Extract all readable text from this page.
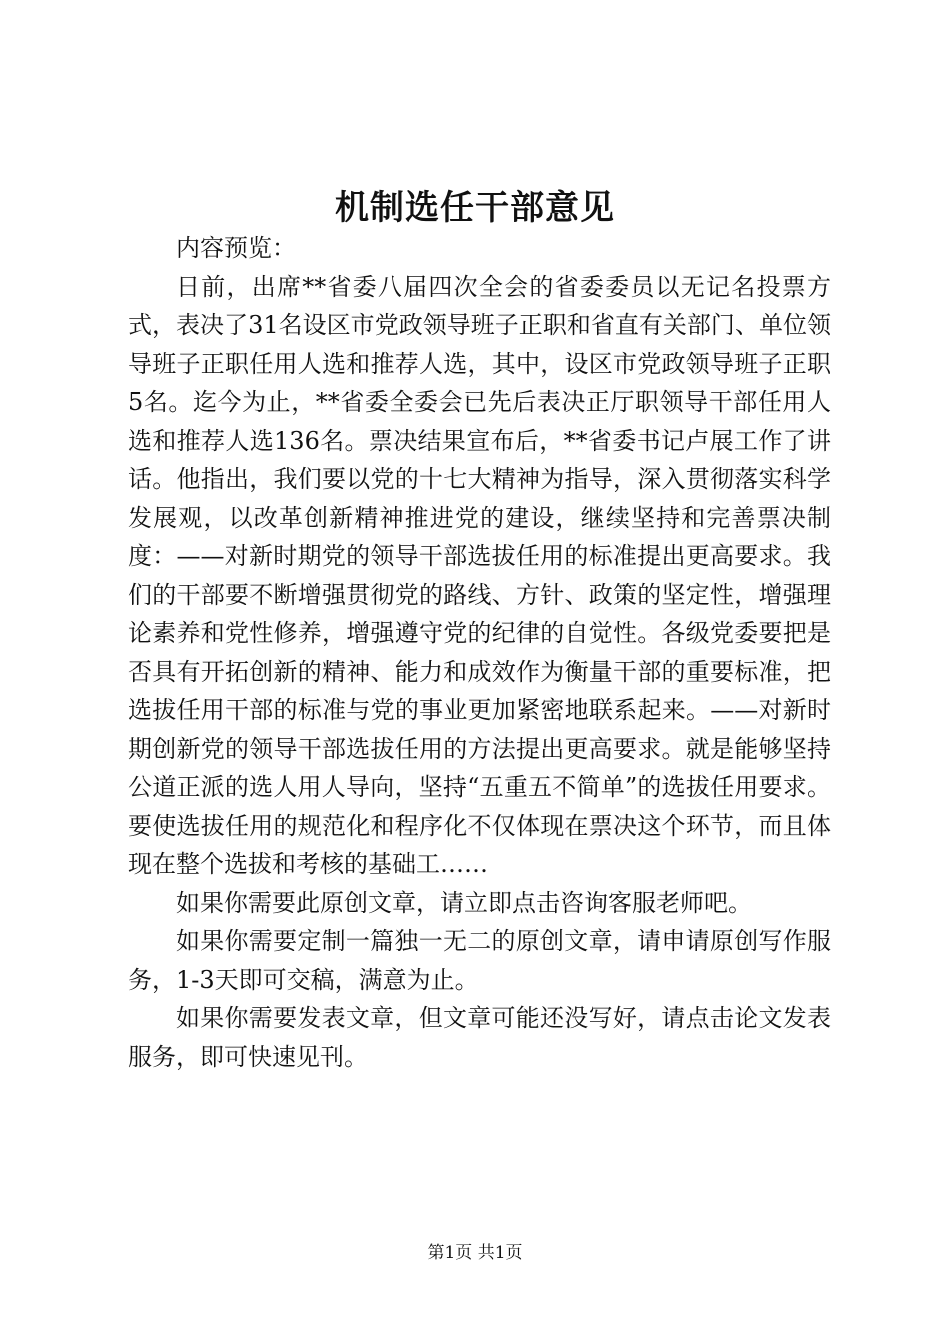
机制选任干部意见

内容预览：

日前，出席**省委八届四次全会的省委委员以无记名投票方式，表决了31名设区市党政领导班子正职和省直有关部门、单位领导班子正职任用人选和推荐人选，其中，设区市党政领导班子正职5名。迄今为止，**省委全委会已先后表决正厅职领导干部任用人选和推荐人选136名。票决结果宣布后，**省委书记卢展工作了讲话。他指出，我们要以党的十七大精神为指导，深入贯彻落实科学发展观，以改革创新精神推进党的建设，继续坚持和完善票决制度：——对新时期党的领导干部选拔任用的标准提出更高要求。我们的干部要不断增强贯彻党的路线、方针、政策的坚定性，增强理论素养和党性修养，增强遵守党的纪律的自觉性。各级党委要把是否具有开拓创新的精神、能力和成效作为衡量干部的重要标准，把选拔任用干部的标准与党的事业更加紧密地联系起来。——对新时期创新党的领导干部选拔任用的方法提出更高要求。就是能够坚持公道正派的选人用人导向，坚持“五重五不简单”的选拔任用要求。要使选拔任用的规范化和程序化不仅体现在票决这个环节，而且体现在整个选拔和考核的基础工……

如果你需要此原创文章，请立即点击咨询客服老师吧。

如果你需要定制一篇独一无二的原创文章，请申请原创写作服务，1-3天即可交稿，满意为止。

如果你需要发表文章，但文章可能还没写好，请点击论文发表服务，即可快速见刊。

第1页 共1页
